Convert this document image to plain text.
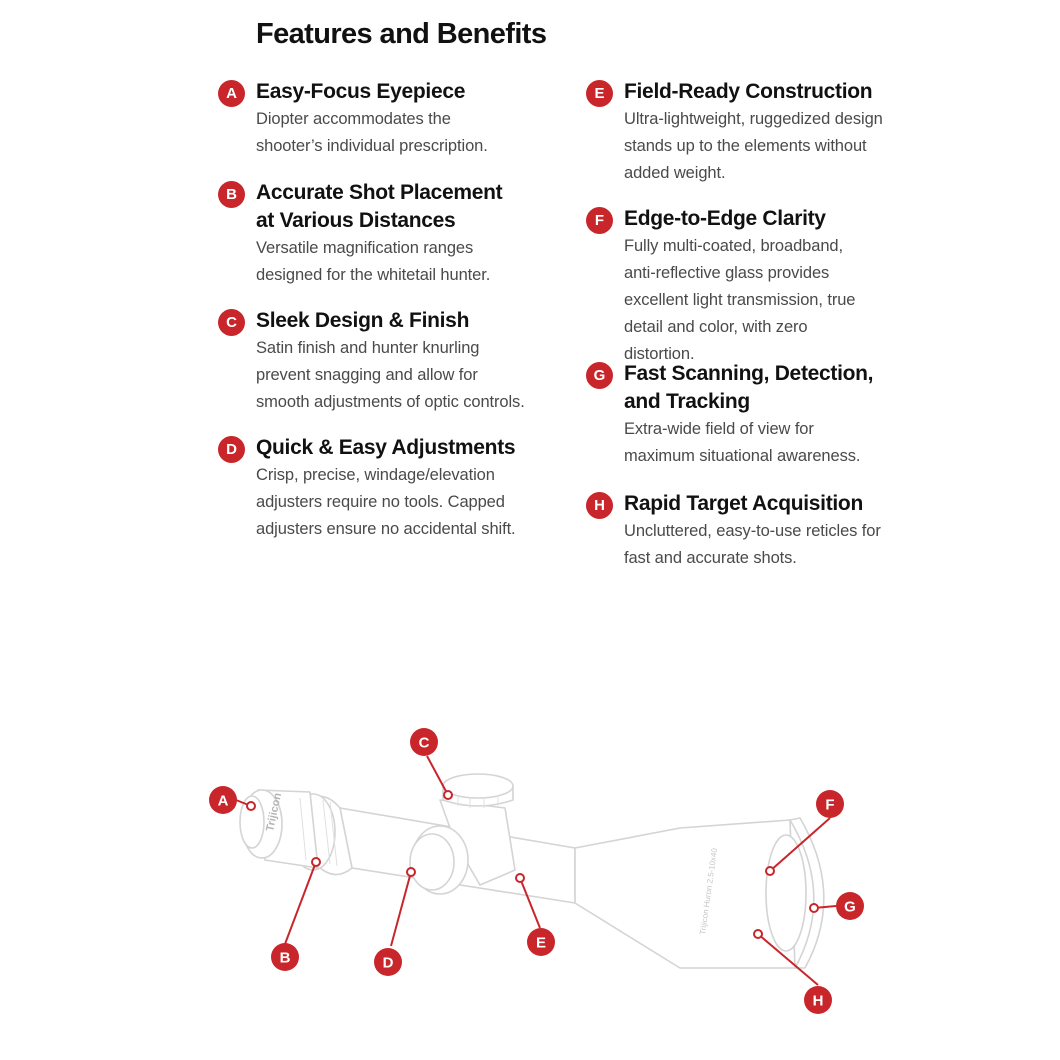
Features and Benefits
A Easy-Focus Eyepiece

Diopter accommodates the shooter’s individual prescription.

B Accurate Shot Placement at Various Distances

Versatile magnification ranges designed for the whitetail hunter.

C Sleek Design & Finish

Satin finish and hunter knurling prevent snagging and allow for smooth adjustments of optic controls.

D Quick & Easy Adjustments

Crisp, precise, windage/elevation adjusters require no tools. Capped adjusters ensure no accidental shift.

E Field-Ready Construction

Ultra-lightweight, ruggedized design stands up to the elements without added weight.

F Edge-to-Edge Clarity

Fully multi-coated, broadband, anti-reflective glass provides excellent light transmission, true detail and color, with zero distortion.

G Fast Scanning, Detection, and Tracking

Extra-wide field of view for maximum situational awareness.

H Rapid Target Acquisition

Uncluttered, easy-to-use reticles for fast and accurate shots.

Trijicon
Trijicon Huron 2.5-10x40
A
B
C
D
E
F
G
H
